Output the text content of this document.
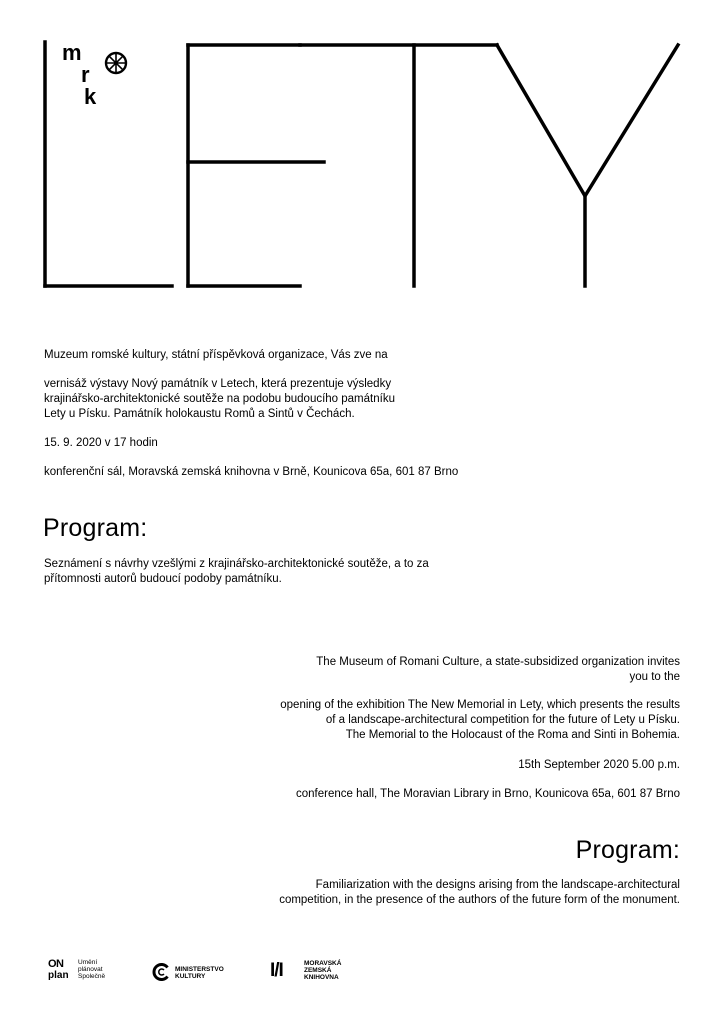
m
r
k
Muzeum romské kultury, státní příspěvková organizace, Vás zve na
vernisáž výstavy Nový památník v Letech, která prezentuje výsledky
krajinářsko-architektonické soutěže na podobu budoucího památníku
Lety u Písku. Památník holokaustu Romů a Sintů v Čechách.
15. 9. 2020 v 17 hodin
konferenční sál, Moravská zemská knihovna v Brně, Kounicova 65a, 601 87 Brno
Program:
Seznámení s návrhy vzešlými z krajinářsko-architektonické soutěže, a to za
přítomnosti autorů budoucí podoby památníku.
The Museum of Romani Culture, a state-subsidized organization invites
you to the
opening of the exhibition The New Memorial in Lety, which presents the results
of a landscape-architectural competition for the future of Lety u Písku.
The Memorial to the Holocaust of the Roma and Sinti in Bohemia.
15th September 2020 5.00 p.m.
conference hall, The Moravian Library in Brno, Kounicova 65a, 601 87 Brno
Program:
Familiarization with the designs arising from the landscape-architectural
competition, in the presence of the authors of the future form of the monument.
ON
plan
Umění
plánovat
Společně
MINISTERSTVO
KULTURY	I/I	MORAVSKÁ
ZEMSKÁ
KNIHOVNA
